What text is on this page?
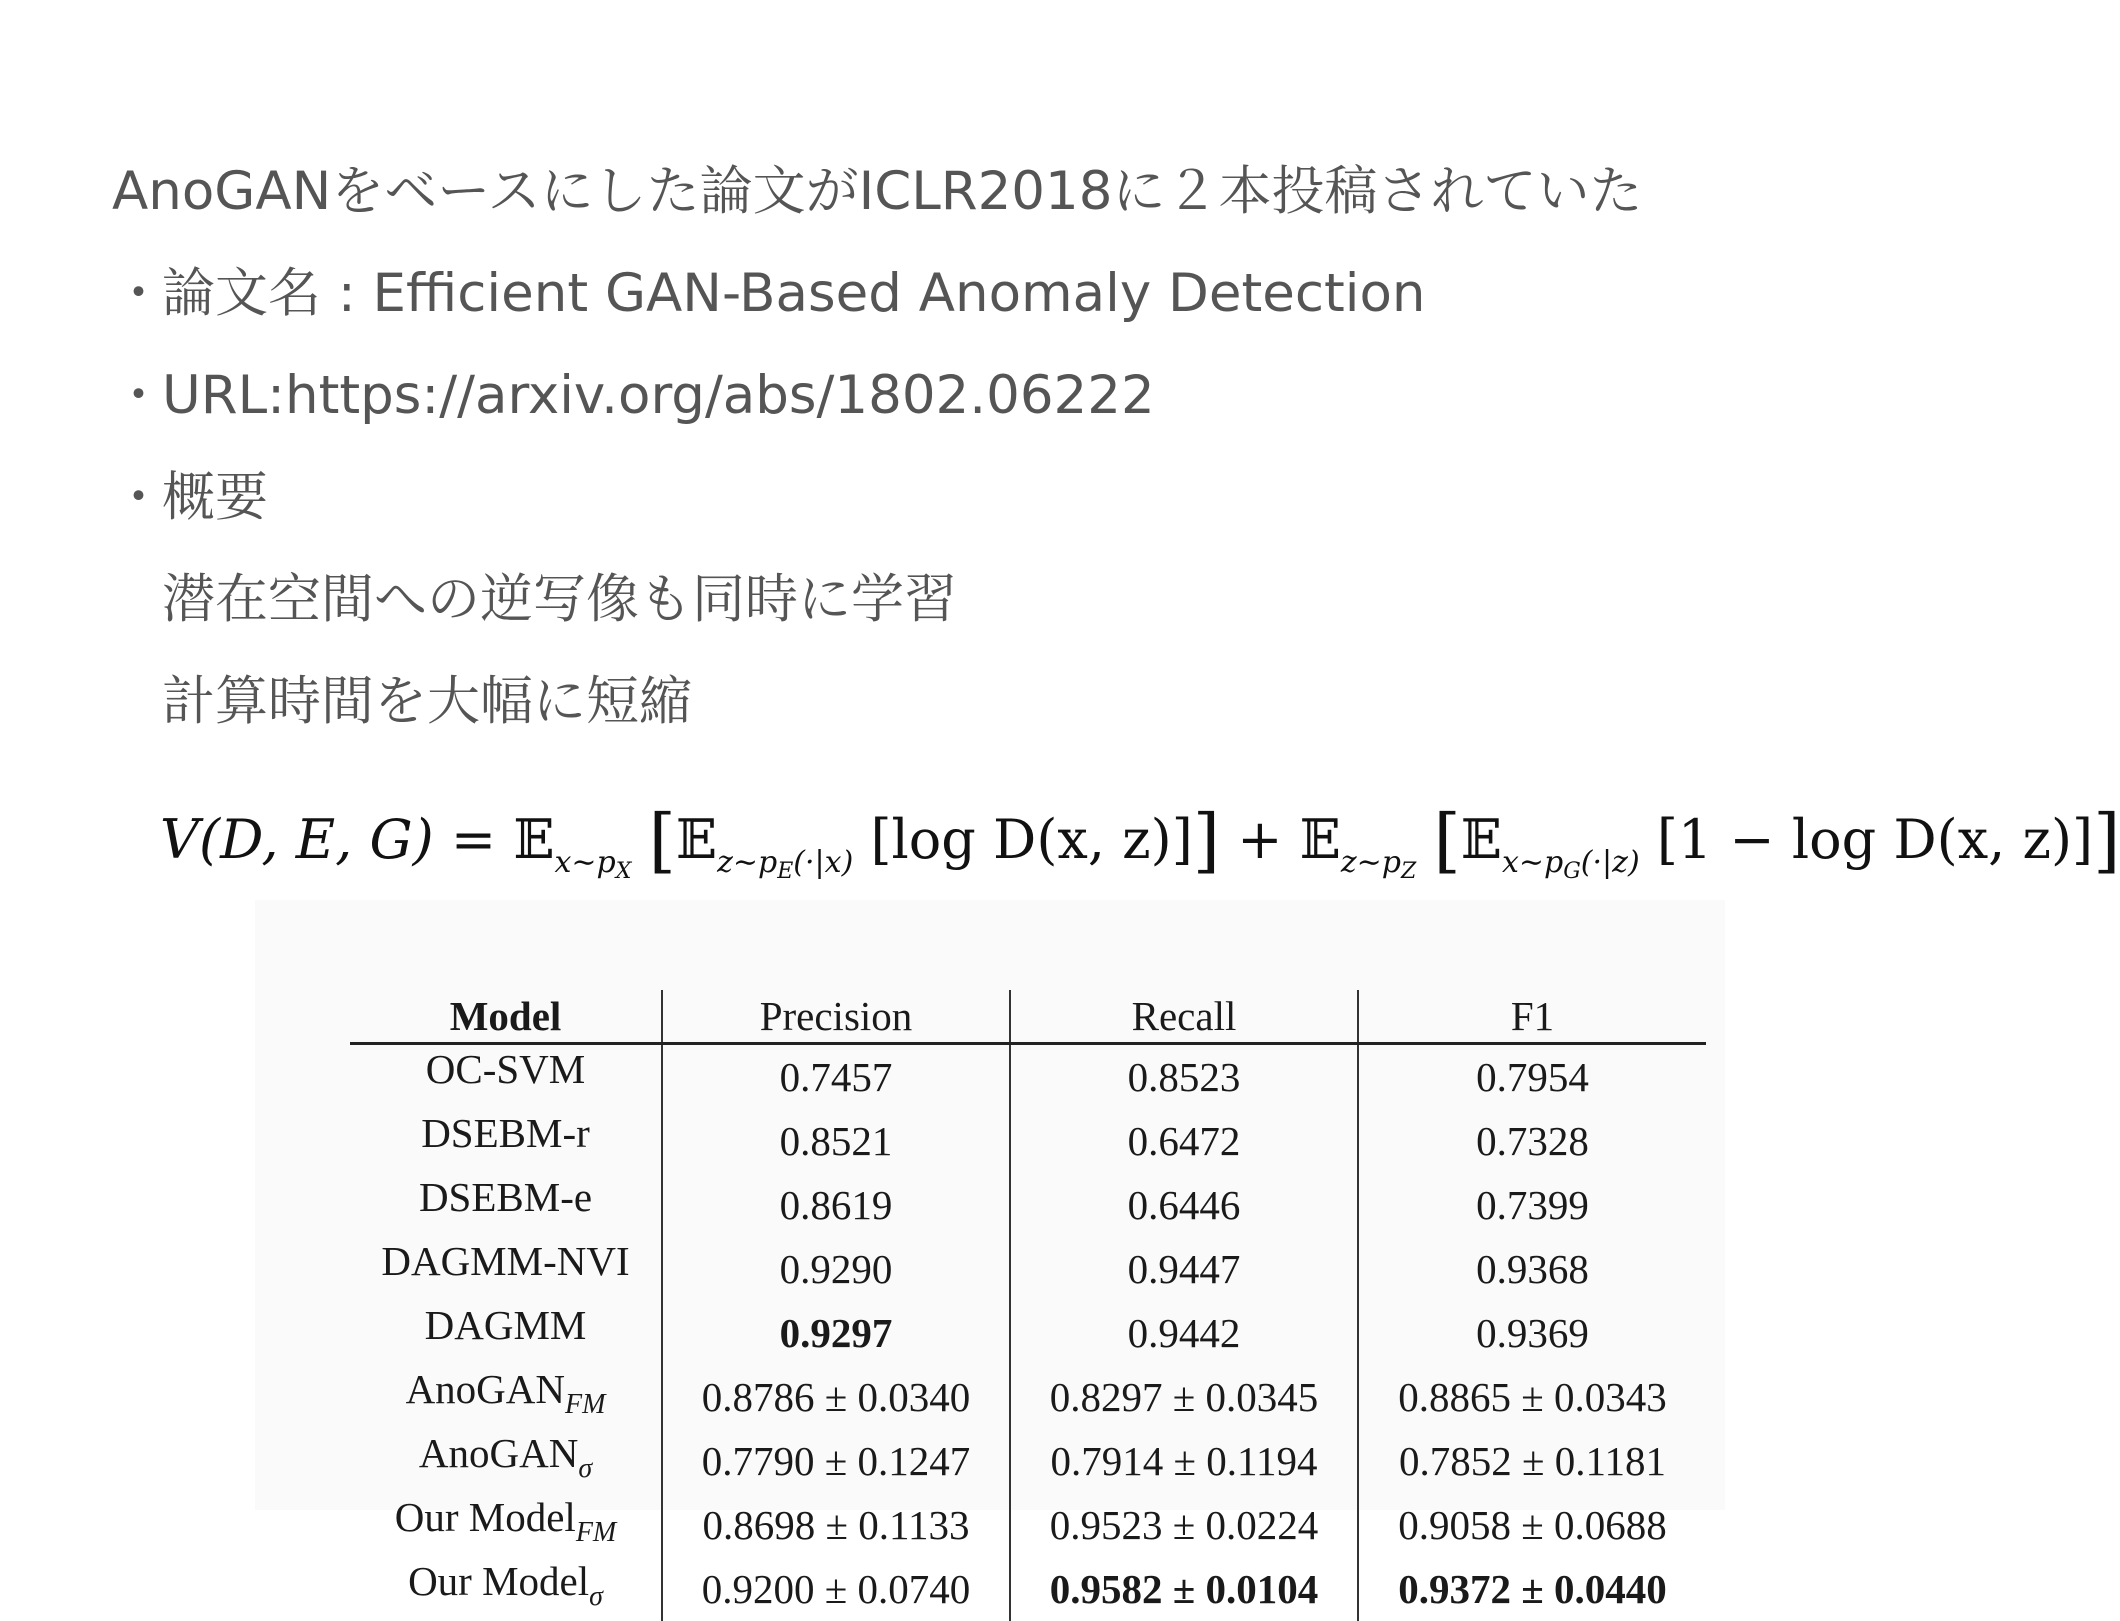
AnoGANをベースにした論文がICLR2018に２本投稿されていた
・論文名 : Efficient GAN-Based Anomaly Detection
・URL:https://arxiv.org/abs/1802.06222
・概要
潜在空間への逆写像も同時に学習
計算時間を大幅に短縮
V(D, E, G) = 𝔼$_{x\sim p_X}$ [𝔼$_{z\sim p_E(\cdot|x)}$ [log D(x, z)]] + 𝔼$_{z\sim p_Z}$ [𝔼$_{x\sim p_G(\cdot|z)}$ [1 − log D(x, z)]]
Model	Precision	Recall	F1
OC-SVM	0.7457	0.8523	0.7954
DSEBM-r	0.8521	0.6472	0.7328
DSEBM-e	0.8619	0.6446	0.7399
DAGMM-NVI	0.9290	0.9447	0.9368
DAGMM	0.9297	0.9442	0.9369
AnoGAN$_{FM}$	0.8786 ± 0.0340	0.8297 ± 0.0345	0.8865 ± 0.0343
AnoGAN$_\sigma$	0.7790 ± 0.1247	0.7914 ± 0.1194	0.7852 ± 0.1181
Our Model$_{FM}$	0.8698 ± 0.1133	0.9523 ± 0.0224	0.9058 ± 0.0688
Our Model$_\sigma$	0.9200 ± 0.0740	0.9582 ± 0.0104	0.9372 ± 0.0440
